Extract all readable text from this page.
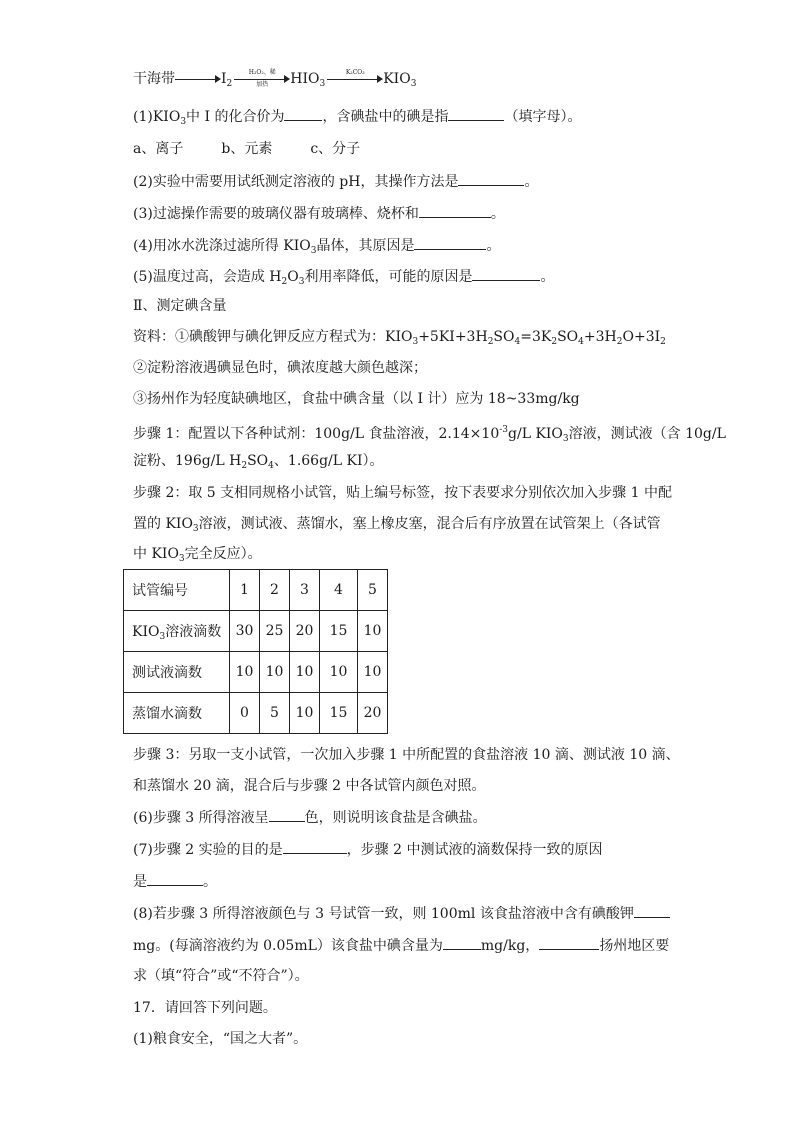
干海带	$I_2$
H₂O₂、稀
加热	$HIO_3$
K₂CO₃	$KIO_3$
$(1)KIO_3$中 I 的化合价为	，含碘盐中的碘是指	（填字母）。
a、离子	b、元素	c、分子
(2)实验中需要用试纸测定溶液的 pH，其操作方法是	。
(3)过滤操作需要的玻璃仪器有玻璃棒、烧杯和	。
(4)用冰水洗涤过滤所得 $KIO_3$晶体，其原因是	。
(5)温度过高，会造成 $H_2O_3$利用率降低，可能的原因是	。
Ⅱ、测定碘含量
资料：①碘酸钾与碘化钾反应方程式为：$KIO_3+5KI+3H_2SO_4=3K_2SO_4+3H_2O+3I_2$
②淀粉溶液遇碘显色时，碘浓度越大颜色越深；
③扬州作为轻度缺碘地区，食盐中碘含量（以 I 计）应为 18~33mg/kg
步骤 1：配置以下各种试剂：100g/L 食盐溶液，$2.14\times 10^{-3}g/L$ $KIO_3$溶液，测试液（含 10g/L
淀粉、196g/L $H_2SO_4$、1.66g/L KI）。
步骤 2：取 5 支相同规格小试管，贴上编号标签，按下表要求分别依次加入步骤 1 中配
置的 $KIO_3$溶液，测试液、蒸馏水，塞上橡皮塞，混合后有序放置在试管架上（各试管
中 $KIO_3$完全反应）。
试管编号	1	2	3	4	5
$KIO_3$溶液滴数	30	25	20	15	10
测试液滴数	10	10	10	10	10
蒸馏水滴数	0	5	10	15	20
步骤 3：另取一支小试管，一次加入步骤 1 中所配置的食盐溶液 10 滴、测试液 10 滴、
和蒸馏水 20 滴，混合后与步骤 2 中各试管内颜色对照。
(6)步骤 3 所得溶液呈	色，则说明该食盐是含碘盐。
(7)步骤 2 实验的目的是	，步骤 2 中测试液的滴数保持一致的原因
是	。
(8)若步骤 3 所得溶液颜色与 3 号试管一致，则 100ml 该食盐溶液中含有碘酸钾
mg。(每滴溶液约为 0.05mL）该食盐中碘含量为	mg/kg，	扬州地区要
求（填“符合”或“不符合”）。
17．请回答下列问题。
(1)粮食安全，“国之大者”。
